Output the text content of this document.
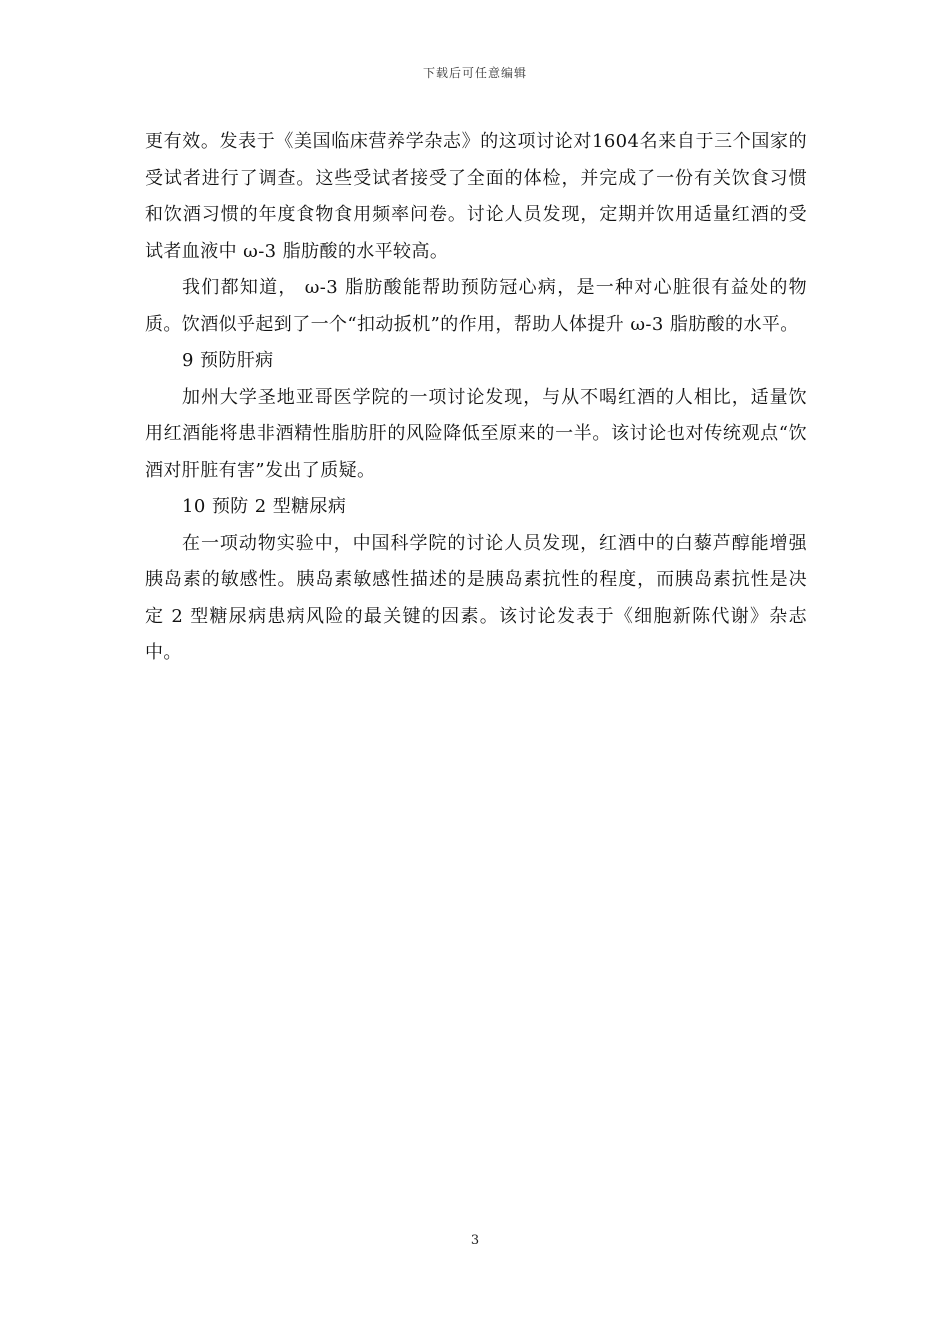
下载后可任意编辑

更有效。发表于《美国临床营养学杂志》的这项讨论对1604名来自于三个国家的受试者进行了调查。这些受试者接受了全面的体检，并完成了一份有关饮食习惯和饮酒习惯的年度食物食用频率问卷。讨论人员发现，定期并饮用适量红酒的受试者血液中 ω-3 脂肪酸的水平较高。

我们都知道， ω-3 脂肪酸能帮助预防冠心病，是一种对心脏很有益处的物质。饮酒似乎起到了一个“扣动扳机”的作用，帮助人体提升 ω-3 脂肪酸的水平。

9 预防肝病

加州大学圣地亚哥医学院的一项讨论发现，与从不喝红酒的人相比，适量饮用红酒能将患非酒精性脂肪肝的风险降低至原来的一半。该讨论也对传统观点“饮酒对肝脏有害”发出了质疑。

10 预防 2 型糖尿病

在一项动物实验中，中国科学院的讨论人员发现，红酒中的白藜芦醇能增强胰岛素的敏感性。胰岛素敏感性描述的是胰岛素抗性的程度，而胰岛素抗性是决定 2 型糖尿病患病风险的最关键的因素。该讨论发表于《细胞新陈代谢》杂志中。

3
